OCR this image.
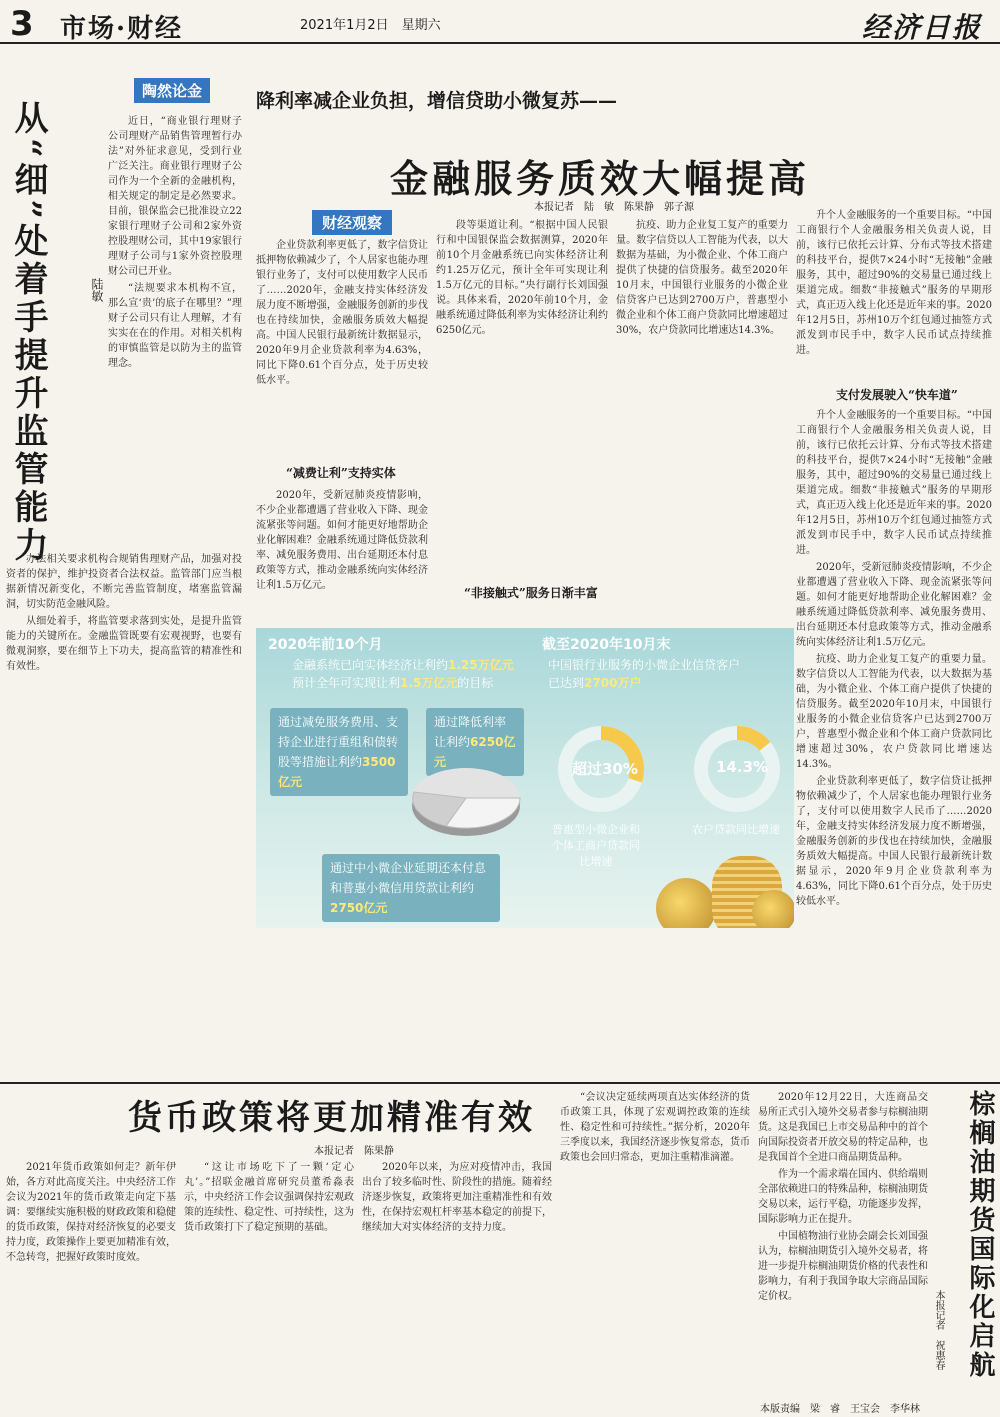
3 市场·财经	2021年1月2日　星期六	经济日报
陶然论金
从“细”处着手提升监管能力	陆敏

近日，“商业银行理财子公司理财产品销售管理暂行办法”对外征求意见，受到行业广泛关注。商业银行理财子公司作为一个全新的金融机构，相关规定的制定是必然要求。目前，银保监会已批准设立22家银行理财子公司和2家外资控股理财公司，其中19家银行理财子公司与1家外资控股理财公司已开业。

“法规要求本机构不宣，那么宣‘贵’的底子在哪里？”理财子公司只有让人理解，才有实实在在的作用。对相关机构的审慎监管是以防为主的监管理念。

办法相关要求机构合规销售理财产品，加强对投资者的保护，维护投资者合法权益。监管部门应当根据新情况新变化，不断完善监管制度，堵塞监管漏洞，切实防范金融风险。

从细处着手，将监管要求落到实处，是提升监管能力的关键所在。金融监管既要有宏观视野，也要有微观洞察，要在细节上下功夫，提高监管的精准性和有效性。

降利率减企业负担，增信贷助小微复苏——
金融服务质效大幅提高
本报记者　陆　敏　陈果静　郭子源
财经观察

企业贷款利率更低了，数字信贷让抵押物依赖减少了，个人居家也能办理银行业务了，支付可以使用数字人民币了……2020年，金融支持实体经济发展力度不断增强，金融服务创新的步伐也在持续加快，金融服务质效大幅提高。中国人民银行最新统计数据显示，2020年9月企业贷款利率为4.63%，同比下降0.61个百分点，处于历史较低水平。

“减费让利”支持实体

2020年，受新冠肺炎疫情影响，不少企业都遭遇了营业收入下降、现金流紧张等问题。如何才能更好地帮助企业化解困难？金融系统通过降低贷款利率、减免服务费用、出台延期还本付息政策等方式，推动金融系统向实体经济让利1.5万亿元。

段等渠道让利。“根据中国人民银行和中国银保监会数据测算，2020年前10个月金融系统已向实体经济让利约1.25万亿元，预计全年可实现让利1.5万亿元的目标。”央行副行长刘国强说。具体来看，2020年前10个月，金融系统通过降低利率为实体经济让利约6250亿元。

“非接触式”服务日渐丰富

抗疫、助力企业复工复产的重要力量。数字信贷以人工智能为代表，以大数据为基础，为小微企业、个体工商户提供了快捷的信贷服务。截至2020年10月末，中国银行业服务的小微企业信贷客户已达到2700万户，普惠型小微企业和个体工商户贷款同比增速超过30%，农户贷款同比增速达14.3%。

2020年前10个月
金融系统已向实体经济让利约1.25万亿元
预计全年可实现让利1.5万亿元的目标
通过减免服务费用、支持企业进行重组和债转股等措施让利约3500亿元
通过降低利率让利约6250亿元
通过中小微企业延期还本付息和普惠小微信用贷款让利约2750亿元
截至2020年10月末
中国银行业服务的小微企业信贷客户
已达到2700万户
超过30%	14.3%
普惠型小微企业和个体工商户贷款同比增速
农户贷款同比增速

升个人金融服务的一个重要目标。“中国工商银行个人金融服务相关负责人说，目前，该行已依托云计算、分布式等技术搭建的科技平台，提供7×24小时“无接触”金融服务，其中，超过90%的交易量已通过线上渠道完成。细数“非接触式”服务的早期形式，真正迈入线上化还是近年来的事。2020年12月5日，苏州10万个红包通过抽签方式派发到市民手中，数字人民币试点持续推进。

支付发展驶入“快车道”

升个人金融服务的一个重要目标。“中国工商银行个人金融服务相关负责人说，目前，该行已依托云计算、分布式等技术搭建的科技平台，提供7×24小时“无接触”金融服务，其中，超过90%的交易量已通过线上渠道完成。细数“非接触式”服务的早期形式，真正迈入线上化还是近年来的事。2020年12月5日，苏州10万个红包通过抽签方式派发到市民手中，数字人民币试点持续推进。

2020年，受新冠肺炎疫情影响，不少企业都遭遇了营业收入下降、现金流紧张等问题。如何才能更好地帮助企业化解困难？金融系统通过降低贷款利率、减免服务费用、出台延期还本付息政策等方式，推动金融系统向实体经济让利1.5万亿元。

抗疫、助力企业复工复产的重要力量。数字信贷以人工智能为代表，以大数据为基础，为小微企业、个体工商户提供了快捷的信贷服务。截至2020年10月末，中国银行业服务的小微企业信贷客户已达到2700万户，普惠型小微企业和个体工商户贷款同比增速超过30%，农户贷款同比增速达14.3%。

企业贷款利率更低了，数字信贷让抵押物依赖减少了，个人居家也能办理银行业务了，支付可以使用数字人民币了……2020年，金融支持实体经济发展力度不断增强，金融服务创新的步伐也在持续加快，金融服务质效大幅提高。中国人民银行最新统计数据显示，2020年9月企业贷款利率为4.63%，同比下降0.61个百分点，处于历史较低水平。

货币政策将更加精准有效
本报记者　陈果静

2021年货币政策如何走？新年伊始，各方对此高度关注。中央经济工作会议为2021年的货币政策走向定下基调：要继续实施积极的财政政策和稳健的货币政策，保持对经济恢复的必要支持力度，政策操作上要更加精准有效，不急转弯，把握好政策时度效。

“这让市场吃下了一颗‘定心丸’。”招联金融首席研究员董希淼表示，中央经济工作会议强调保持宏观政策的连续性、稳定性、可持续性，这为货币政策打下了稳定预期的基础。

2020年以来，为应对疫情冲击，我国出台了较多临时性、阶段性的措施。随着经济逐步恢复，政策将更加注重精准性和有效性，在保持宏观杠杆率基本稳定的前提下，继续加大对实体经济的支持力度。

“会议决定延续两项直达实体经济的货币政策工具，体现了宏观调控政策的连续性、稳定性和可持续性。”据分析，2020年三季度以来，我国经济逐步恢复常态，货币政策也会回归常态，更加注重精准滴灌。

2020年12月22日，大连商品交易所正式引入境外交易者参与棕榈油期货。这是我国已上市交易品种中的首个向国际投资者开放交易的特定品种，也是我国首个全进口商品期货品种。

作为一个需求端在国内、供给端则全部依赖进口的特殊品种，棕榈油期货交易以来，运行平稳，功能逐步发挥，国际影响力正在提升。

中国植物油行业协会副会长刘国强认为，棕榈油期货引入境外交易者，将进一步提升棕榈油期货价格的代表性和影响力，有利于我国争取大宗商品国际定价权。	棕榈油期货国际化启航
本报记者　祝惠春
本版责编　梁　睿　王宝会　李华林
